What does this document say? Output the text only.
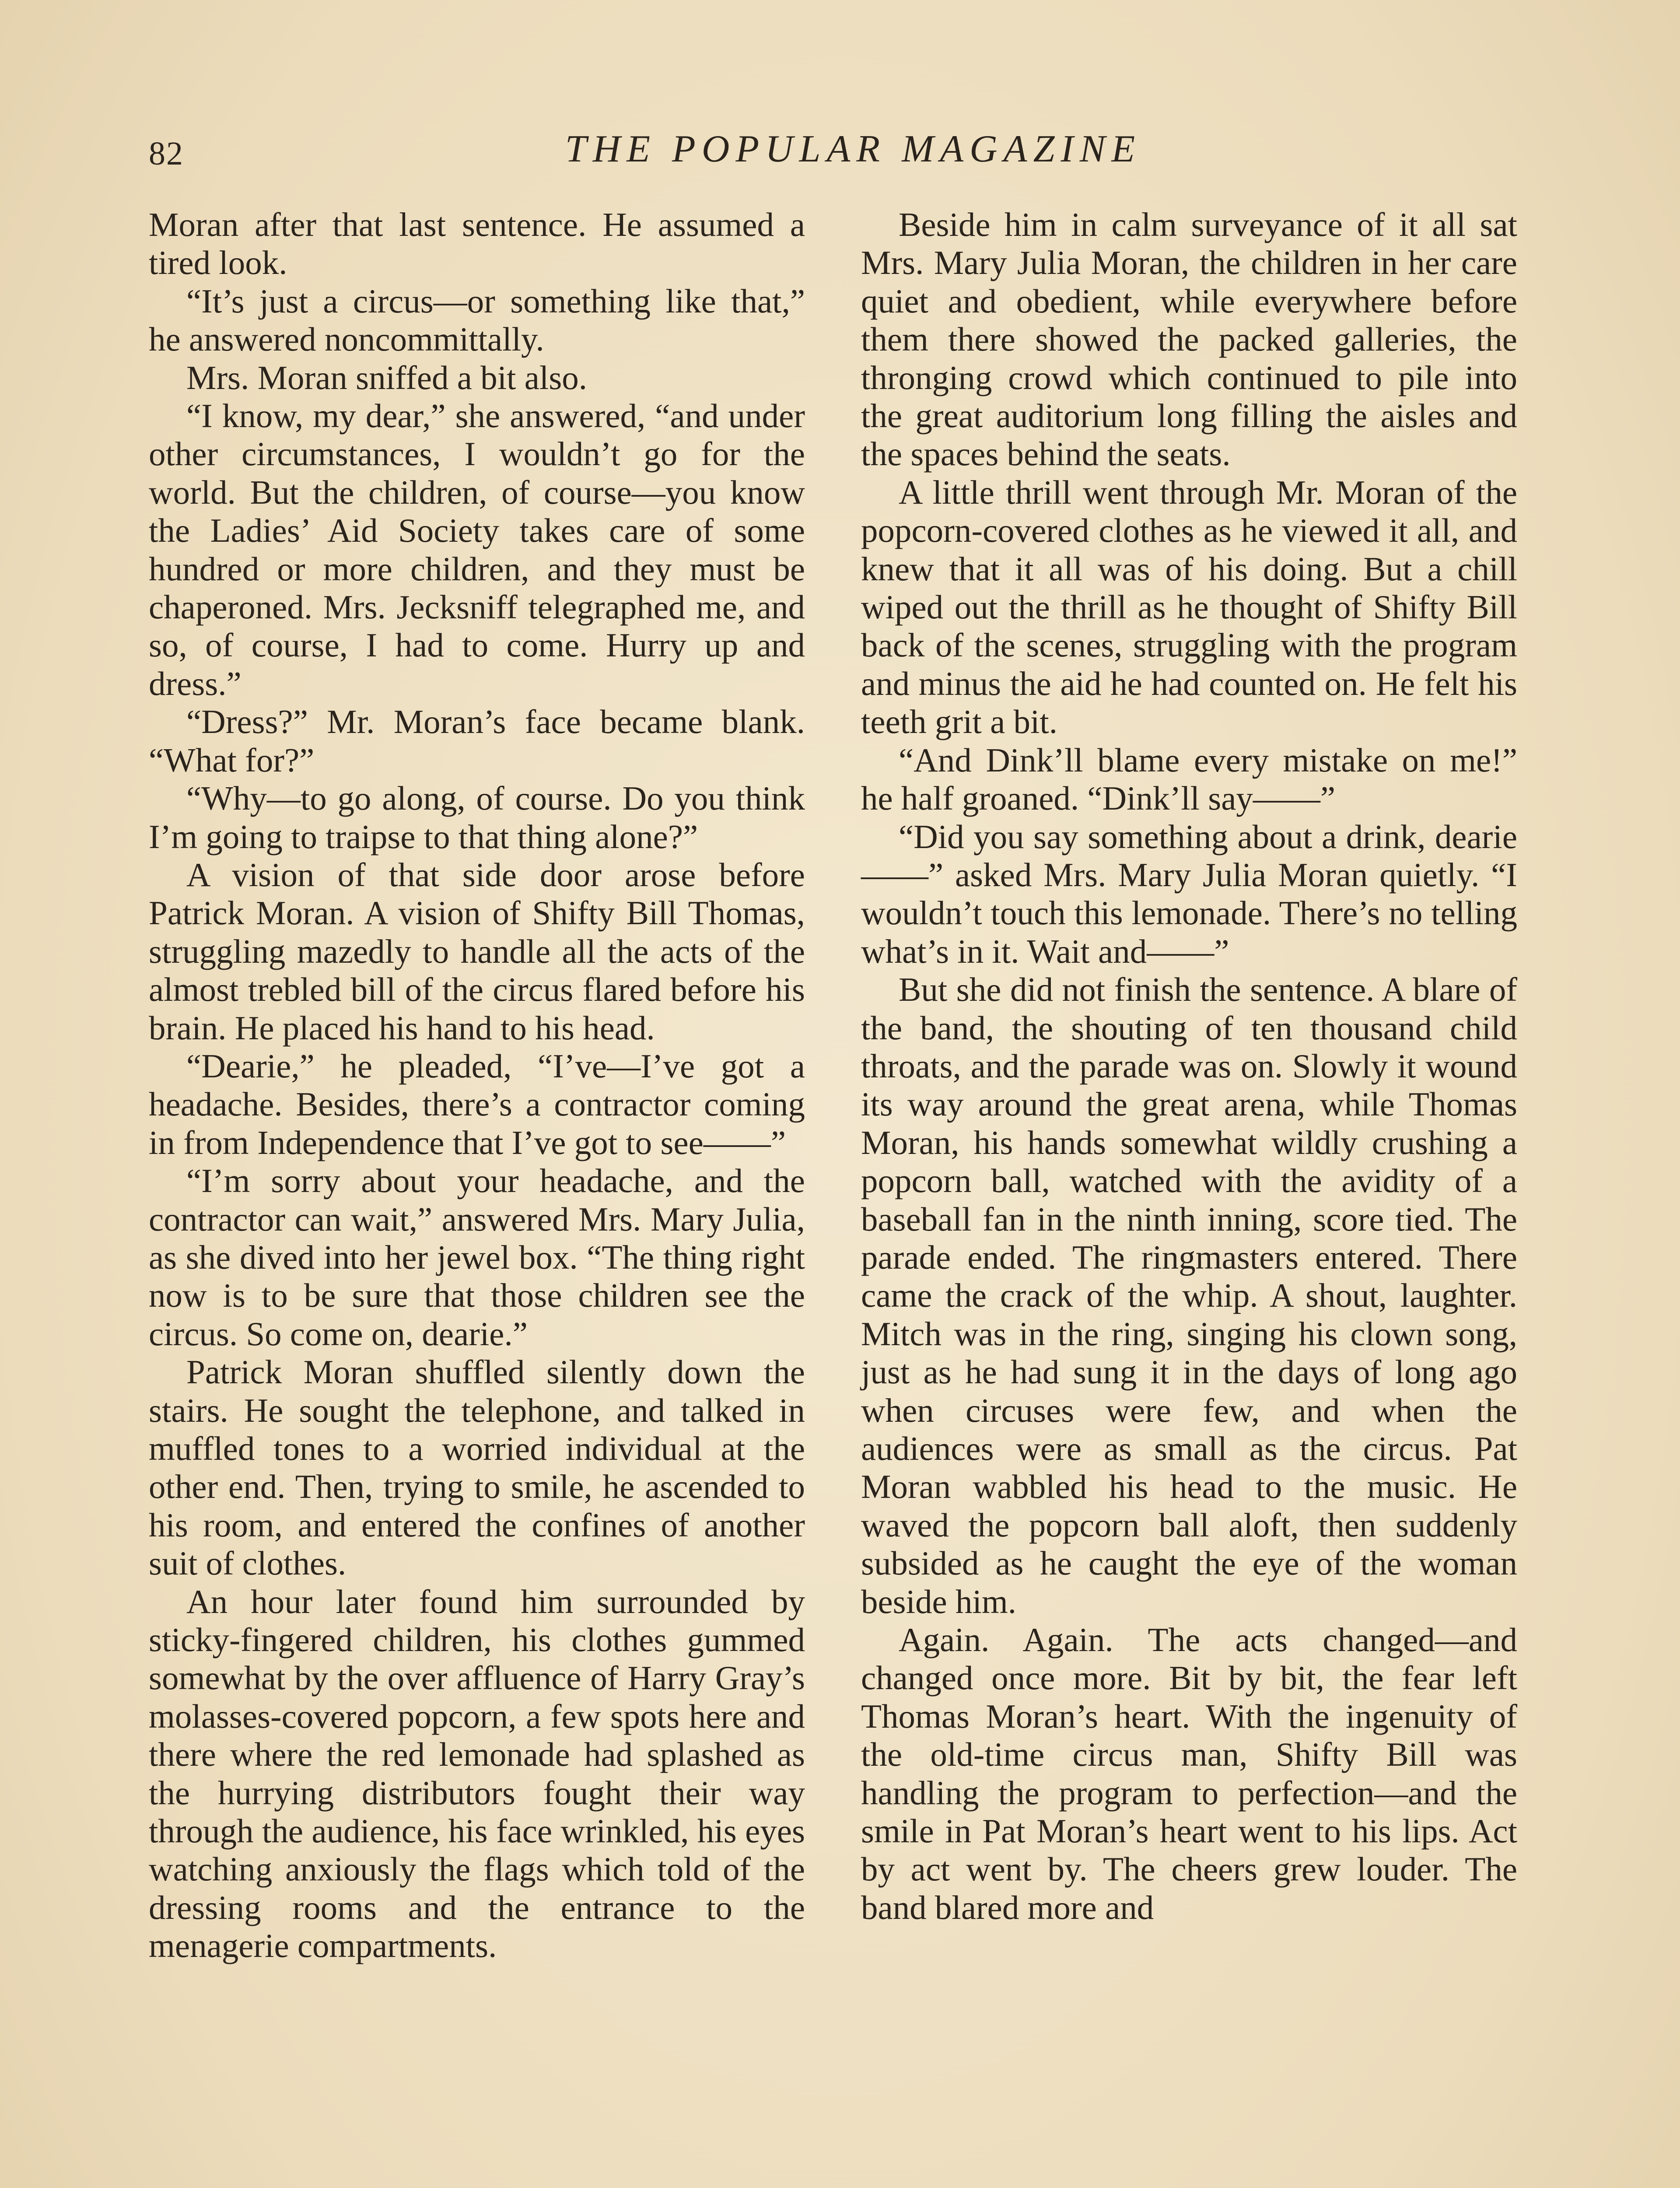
82	THE POPULAR MAGAZINE

Moran after that last sentence. He assumed a tired look.

“It’s just a circus—or something like that,” he answered noncommittally.

Mrs. Moran sniffed a bit also.

“I know, my dear,” she answered, “and under other circumstances, I wouldn’t go for the world. But the children, of course—you know the Ladies’ Aid Society takes care of some hundred or more children, and they must be chaperoned. Mrs. Jecksniff telegraphed me, and so, of course, I had to come. Hurry up and dress.”

“Dress?” Mr. Moran’s face became blank. “What for?”

“Why—to go along, of course. Do you think I’m going to traipse to that thing alone?”

A vision of that side door arose before Patrick Moran. A vision of Shifty Bill Thomas, struggling mazedly to handle all the acts of the almost trebled bill of the circus flared before his brain. He placed his hand to his head.

“Dearie,” he pleaded, “I’ve—I’ve got a headache. Besides, there’s a contractor coming in from Independence that I’ve got to see——”

“I’m sorry about your headache, and the contractor can wait,” answered Mrs. Mary Julia, as she dived into her jewel box. “The thing right now is to be sure that those children see the circus. So come on, dearie.”

Patrick Moran shuffled silently down the stairs. He sought the telephone, and talked in muffled tones to a worried individual at the other end. Then, trying to smile, he ascended to his room, and entered the confines of another suit of clothes.

An hour later found him surrounded by sticky-fingered children, his clothes gummed somewhat by the over affluence of Harry Gray’s molasses-covered popcorn, a few spots here and there where the red lemonade had splashed as the hurrying distributors fought their way through the audience, his face wrinkled, his eyes watching anxiously the flags which told of the dressing rooms and the entrance to the menagerie compartments.

Beside him in calm surveyance of it all sat Mrs. Mary Julia Moran, the children in her care quiet and obedient, while everywhere before them there showed the packed galleries, the thronging crowd which continued to pile into the great auditorium long filling the aisles and the spaces behind the seats.

A little thrill went through Mr. Moran of the popcorn-covered clothes as he viewed it all, and knew that it all was of his doing. But a chill wiped out the thrill as he thought of Shifty Bill back of the scenes, struggling with the program and minus the aid he had counted on. He felt his teeth grit a bit.

“And Dink’ll blame every mistake on me!” he half groaned. “Dink’ll say——”

“Did you say something about a drink, dearie——” asked Mrs. Mary Julia Moran quietly. “I wouldn’t touch this lemonade. There’s no telling what’s in it. Wait and——”

But she did not finish the sentence. A blare of the band, the shouting of ten thousand child throats, and the parade was on. Slowly it wound its way around the great arena, while Thomas Moran, his hands somewhat wildly crushing a popcorn ball, watched with the avidity of a baseball fan in the ninth inning, score tied. The parade ended. The ringmasters entered. There came the crack of the whip. A shout, laughter. Mitch was in the ring, singing his clown song, just as he had sung it in the days of long ago when circuses were few, and when the audiences were as small as the circus. Pat Moran wabbled his head to the music. He waved the popcorn ball aloft, then suddenly subsided as he caught the eye of the woman beside him.

Again. Again. The acts changed—and changed once more. Bit by bit, the fear left Thomas Moran’s heart. With the ingenuity of the old-time circus man, Shifty Bill was handling the program to perfection—and the smile in Pat Moran’s heart went to his lips. Act by act went by. The cheers grew louder. The band blared more and
